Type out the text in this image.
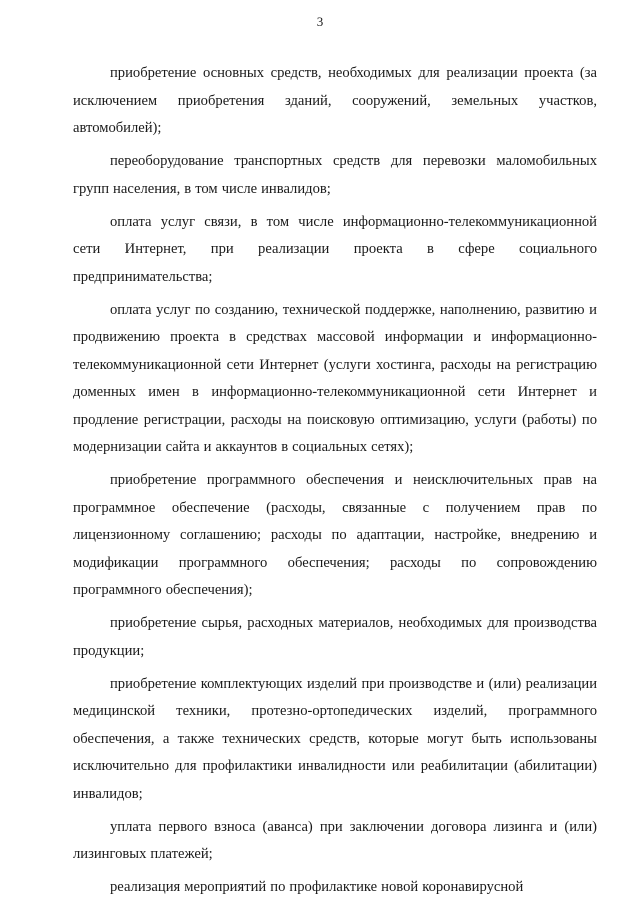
3

приобретение основных средств, необходимых для реализации проекта (за исключением приобретения зданий, сооружений, земельных участков, автомобилей);

переоборудование транспортных средств для перевозки маломобильных групп населения, в том числе инвалидов;

оплата услуг связи, в том числе информационно-телекоммуникационной сети Интернет, при реализации проекта в сфере социального предпринимательства;

оплата услуг по созданию, технической поддержке, наполнению, развитию и продвижению проекта в средствах массовой информации и информационно-телекоммуникационной сети Интернет (услуги хостинга, расходы на регистрацию доменных имен в информационно-телекоммуникационной сети Интернет и продление регистрации, расходы на поисковую оптимизацию, услуги (работы) по модернизации сайта и аккаунтов в социальных сетях);

приобретение программного обеспечения и неисключительных прав на программное обеспечение (расходы, связанные с получением прав по лицензионному соглашению; расходы по адаптации, настройке, внедрению и модификации программного обеспечения; расходы по сопровождению программного обеспечения);

приобретение сырья, расходных материалов, необходимых для производства продукции;

приобретение комплектующих изделий при производстве и (или) реализации медицинской техники, протезно-ортопедических изделий, программного обеспечения, а также технических средств, которые могут быть использованы исключительно для профилактики инвалидности или реабилитации (абилитации) инвалидов;

уплата первого взноса (аванса) при заключении договора лизинга и (или) лизинговых платежей;

реализация мероприятий по профилактике новой коронавирусной
